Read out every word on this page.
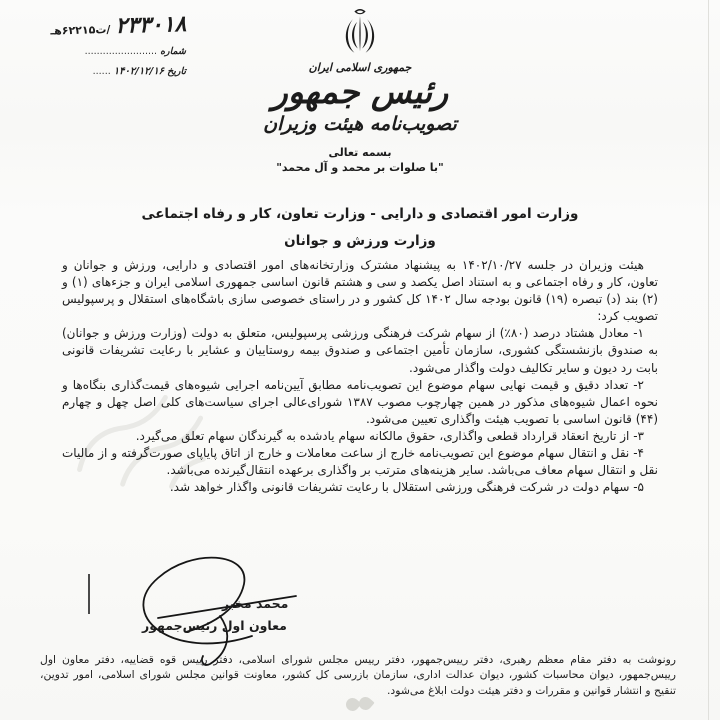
۲۳۳۰۱۸ /ت۶۲۲۱۵هـ
شماره ........................
تاریخ ۱۴۰۲/۱۲/۱۶ ......	جمهوری اسلامی ایران
رئیس جمهور
تصویب‌نامه هیئت وزیران
بسمه تعالی
"با صلوات بر محمد و آل محمد"
وزارت امور اقتصادی و دارایی - وزارت تعاون، کار و رفاه اجتماعی
وزارت ورزش و جوانان

هیئت وزیران در جلسه ۱۴۰۲/۱۰/۲۷ به پیشنهاد مشترک وزارتخانه‌های امور اقتصادی و دارایی، ورزش و جوانان و تعاون، کار و رفاه اجتماعی و به استناد اصل یکصد و سی و هشتم قانون اساسی جمهوری اسلامی ایران و جزءهای (۱) و (۲) بند (د) تبصره (۱۹) قانون بودجه سال ۱۴۰۲ کل کشور و در راستای خصوصی سازی باشگاه‌های استقلال و پرسپولیس تصویب کرد:

۱- معادل هشتاد درصد (۸۰٪) از سهام شرکت فرهنگی ورزشی پرسپولیس، متعلق به دولت (وزارت ورزش و جوانان) به صندوق بازنشستگی کشوری، سازمان تأمین اجتماعی و صندوق بیمه روستاییان و عشایر با رعایت تشریفات قانونی بابت رد دیون و سایر تکالیف دولت واگذار می‌شود.

۲- تعداد دقیق و قیمت نهایی سهام موضوع این تصویب‌نامه مطابق آیین‌نامه اجرایی شیوه‌های قیمت‌گذاری بنگاه‌ها و نحوه اعمال شیوه‌های مذکور در همین چهارچوب مصوب ۱۳۸۷ شورای‌عالی اجرای سیاست‌های کلی اصل چهل و چهارم (۴۴) قانون اساسی با تصویب هیئت واگذاری تعیین می‌شود.

۳- از تاریخ انعقاد قرارداد قطعی واگذاری، حقوق مالکانه سهام یادشده به گیرندگان سهام تعلق می‌گیرد.

۴- نقل و انتقال سهام موضوع این تصویب‌نامه خارج از ساعت معاملات و خارج از اتاق پایاپای صورت‌گرفته و از مالیات نقل و انتقال سهام معاف می‌باشد. سایر هزینه‌های مترتب بر واگذاری برعهده انتقال‌گیرنده می‌باشد.

۵- سهام دولت در شرکت فرهنگی ورزشی استقلال با رعایت تشریفات قانونی واگذار خواهد شد.

محمد مخبر
معاون اول رئیس‌جمهور

رونوشت به دفتر مقام معظم رهبری، دفتر رییس‌جمهور، دفتر رییس مجلس شورای اسلامی، دفتر رییس قوه قضاییه، دفتر معاون اول رییس‌جمهور، دیوان محاسبات کشور، دیوان عدالت اداری، سازمان بازرسی کل کشور، معاونت قوانین مجلس شورای اسلامی، امور تدوین، تنقیح و انتشار قوانین و مقررات و دفتر هیئت دولت ابلاغ می‌شود.
